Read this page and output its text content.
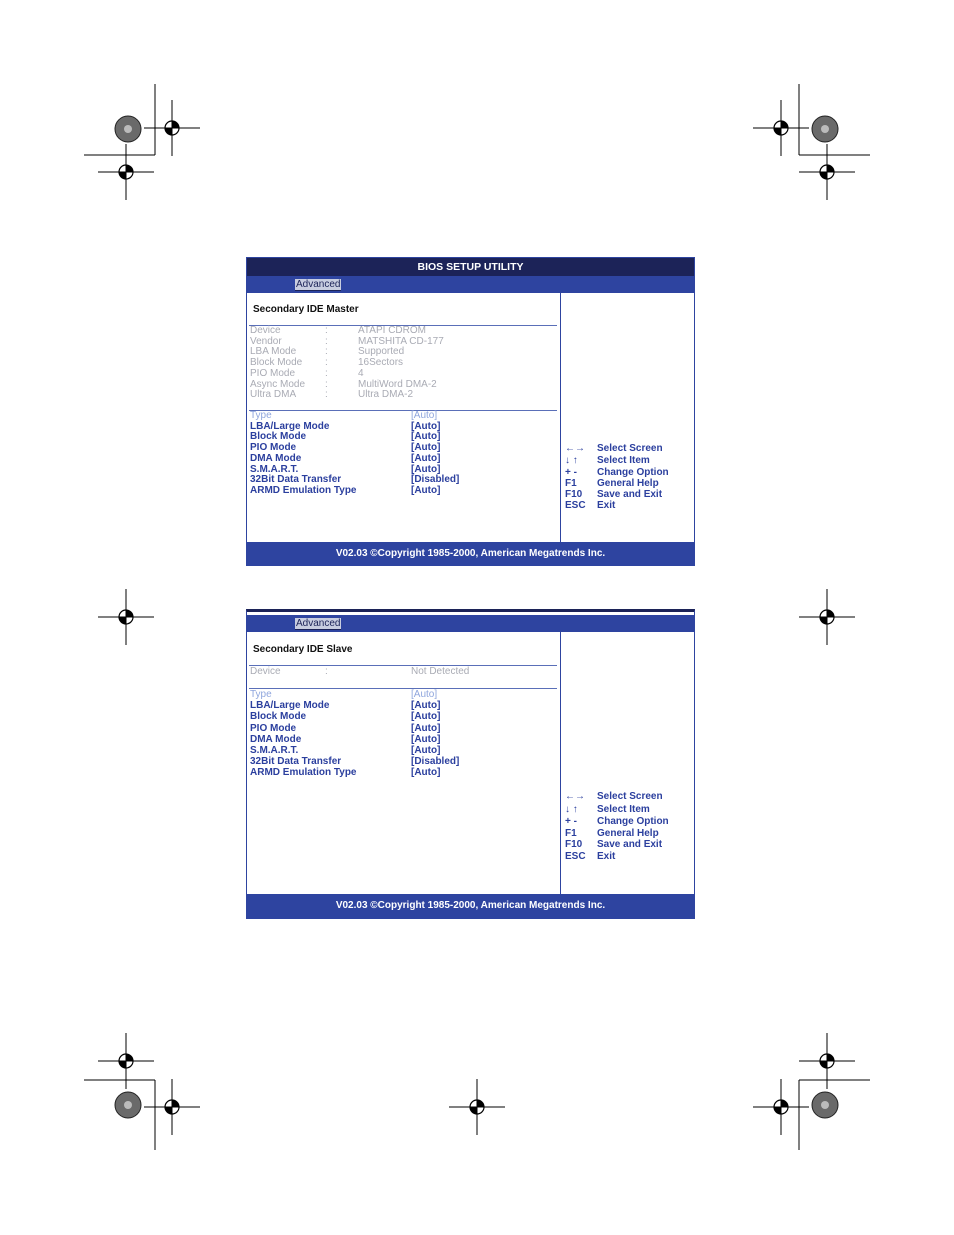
BIOS SETUP UTILITY
Advanced
Secondary IDE Master
Device	:	ATAPI CDROM
Vendor	:	MATSHITA CD-177
LBA Mode	:	Supported
Block Mode :	16Sectors
PIO Mode	:	4
Async Mode :	MultiWord DMA-2
Ultra DMA	:	Ultra DMA-2
Type	[Auto]
LBA/Large Mode	[Auto]
Block Mode	[Auto]
PIO Mode	[Auto]
DMA Mode	[Auto]
S.M.A.R.T.	[Auto]
32Bit Data Transfer	[Disabled]
ARMD Emulation Type	[Auto]
←→ Select Screen
↓ ↑ Select Item
+ - Change Option
F1 General Help
F10 Save and Exit
ESC Exit
V02.03 ©Copyright 1985-2000, American Megatrends Inc.
Advanced
Secondary IDE Slave
Device	:	Not Detected
Type	[Auto]
LBA/Large Mode	[Auto]
Block Mode	[Auto]
PIO Mode	[Auto]
DMA Mode	[Auto]
S.M.A.R.T.	[Auto]
32Bit Data Transfer	[Disabled]
ARMD Emulation Type	[Auto]
←→ Select Screen
↓ ↑ Select Item
+ - Change Option
F1 General Help
F10 Save and Exit
ESC Exit
V02.03 ©Copyright 1985-2000, American Megatrends Inc.
